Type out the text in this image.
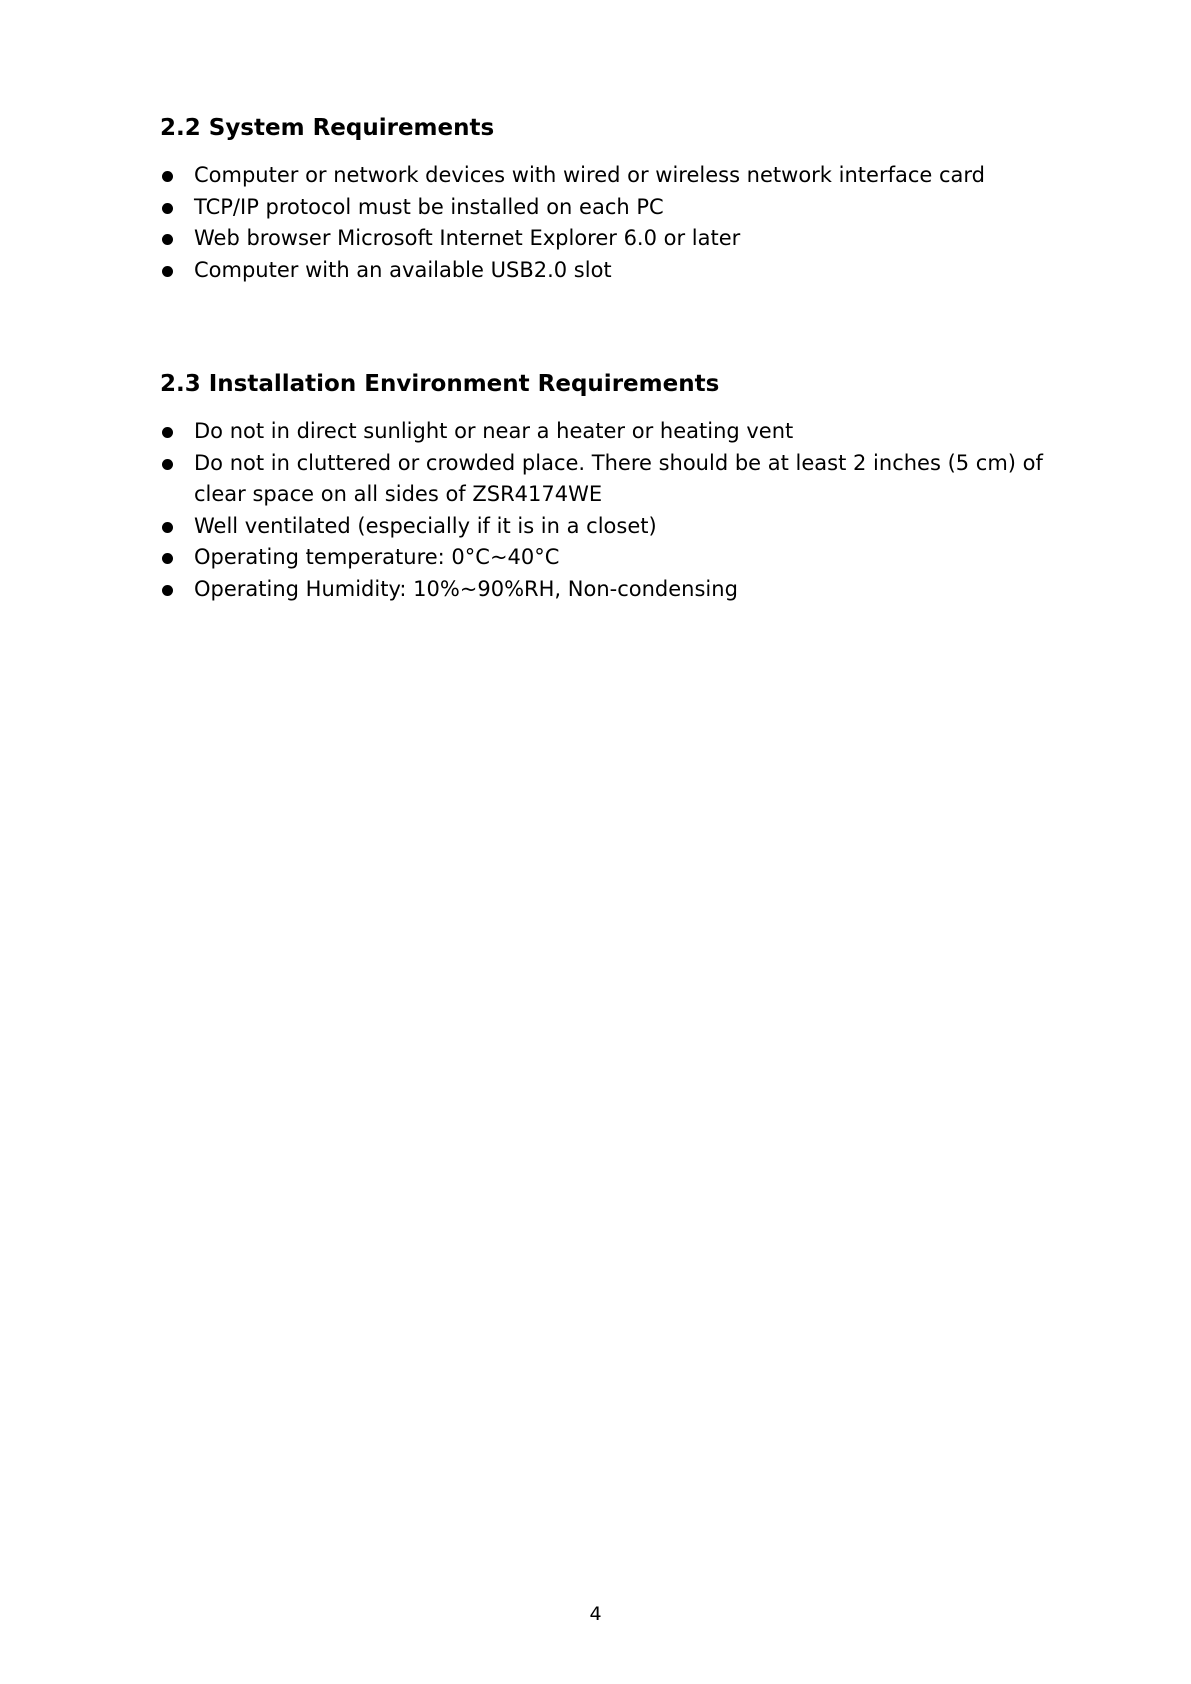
2.2 System Requirements
Computer or network devices with wired or wireless network interface card
TCP/IP protocol must be installed on each PC
Web browser Microsoft Internet Explorer 6.0 or later
Computer with an available USB2.0 slot
2.3 Installation Environment Requirements
Do not in direct sunlight or near a heater or heating vent
Do not in cluttered or crowded place. There should be at least 2 inches (5 cm) of clear space on all sides of ZSR4174WE
Well ventilated (especially if it is in a closet)
Operating temperature: 0°C~40°C
Operating Humidity: 10%~90%RH, Non-condensing
4
